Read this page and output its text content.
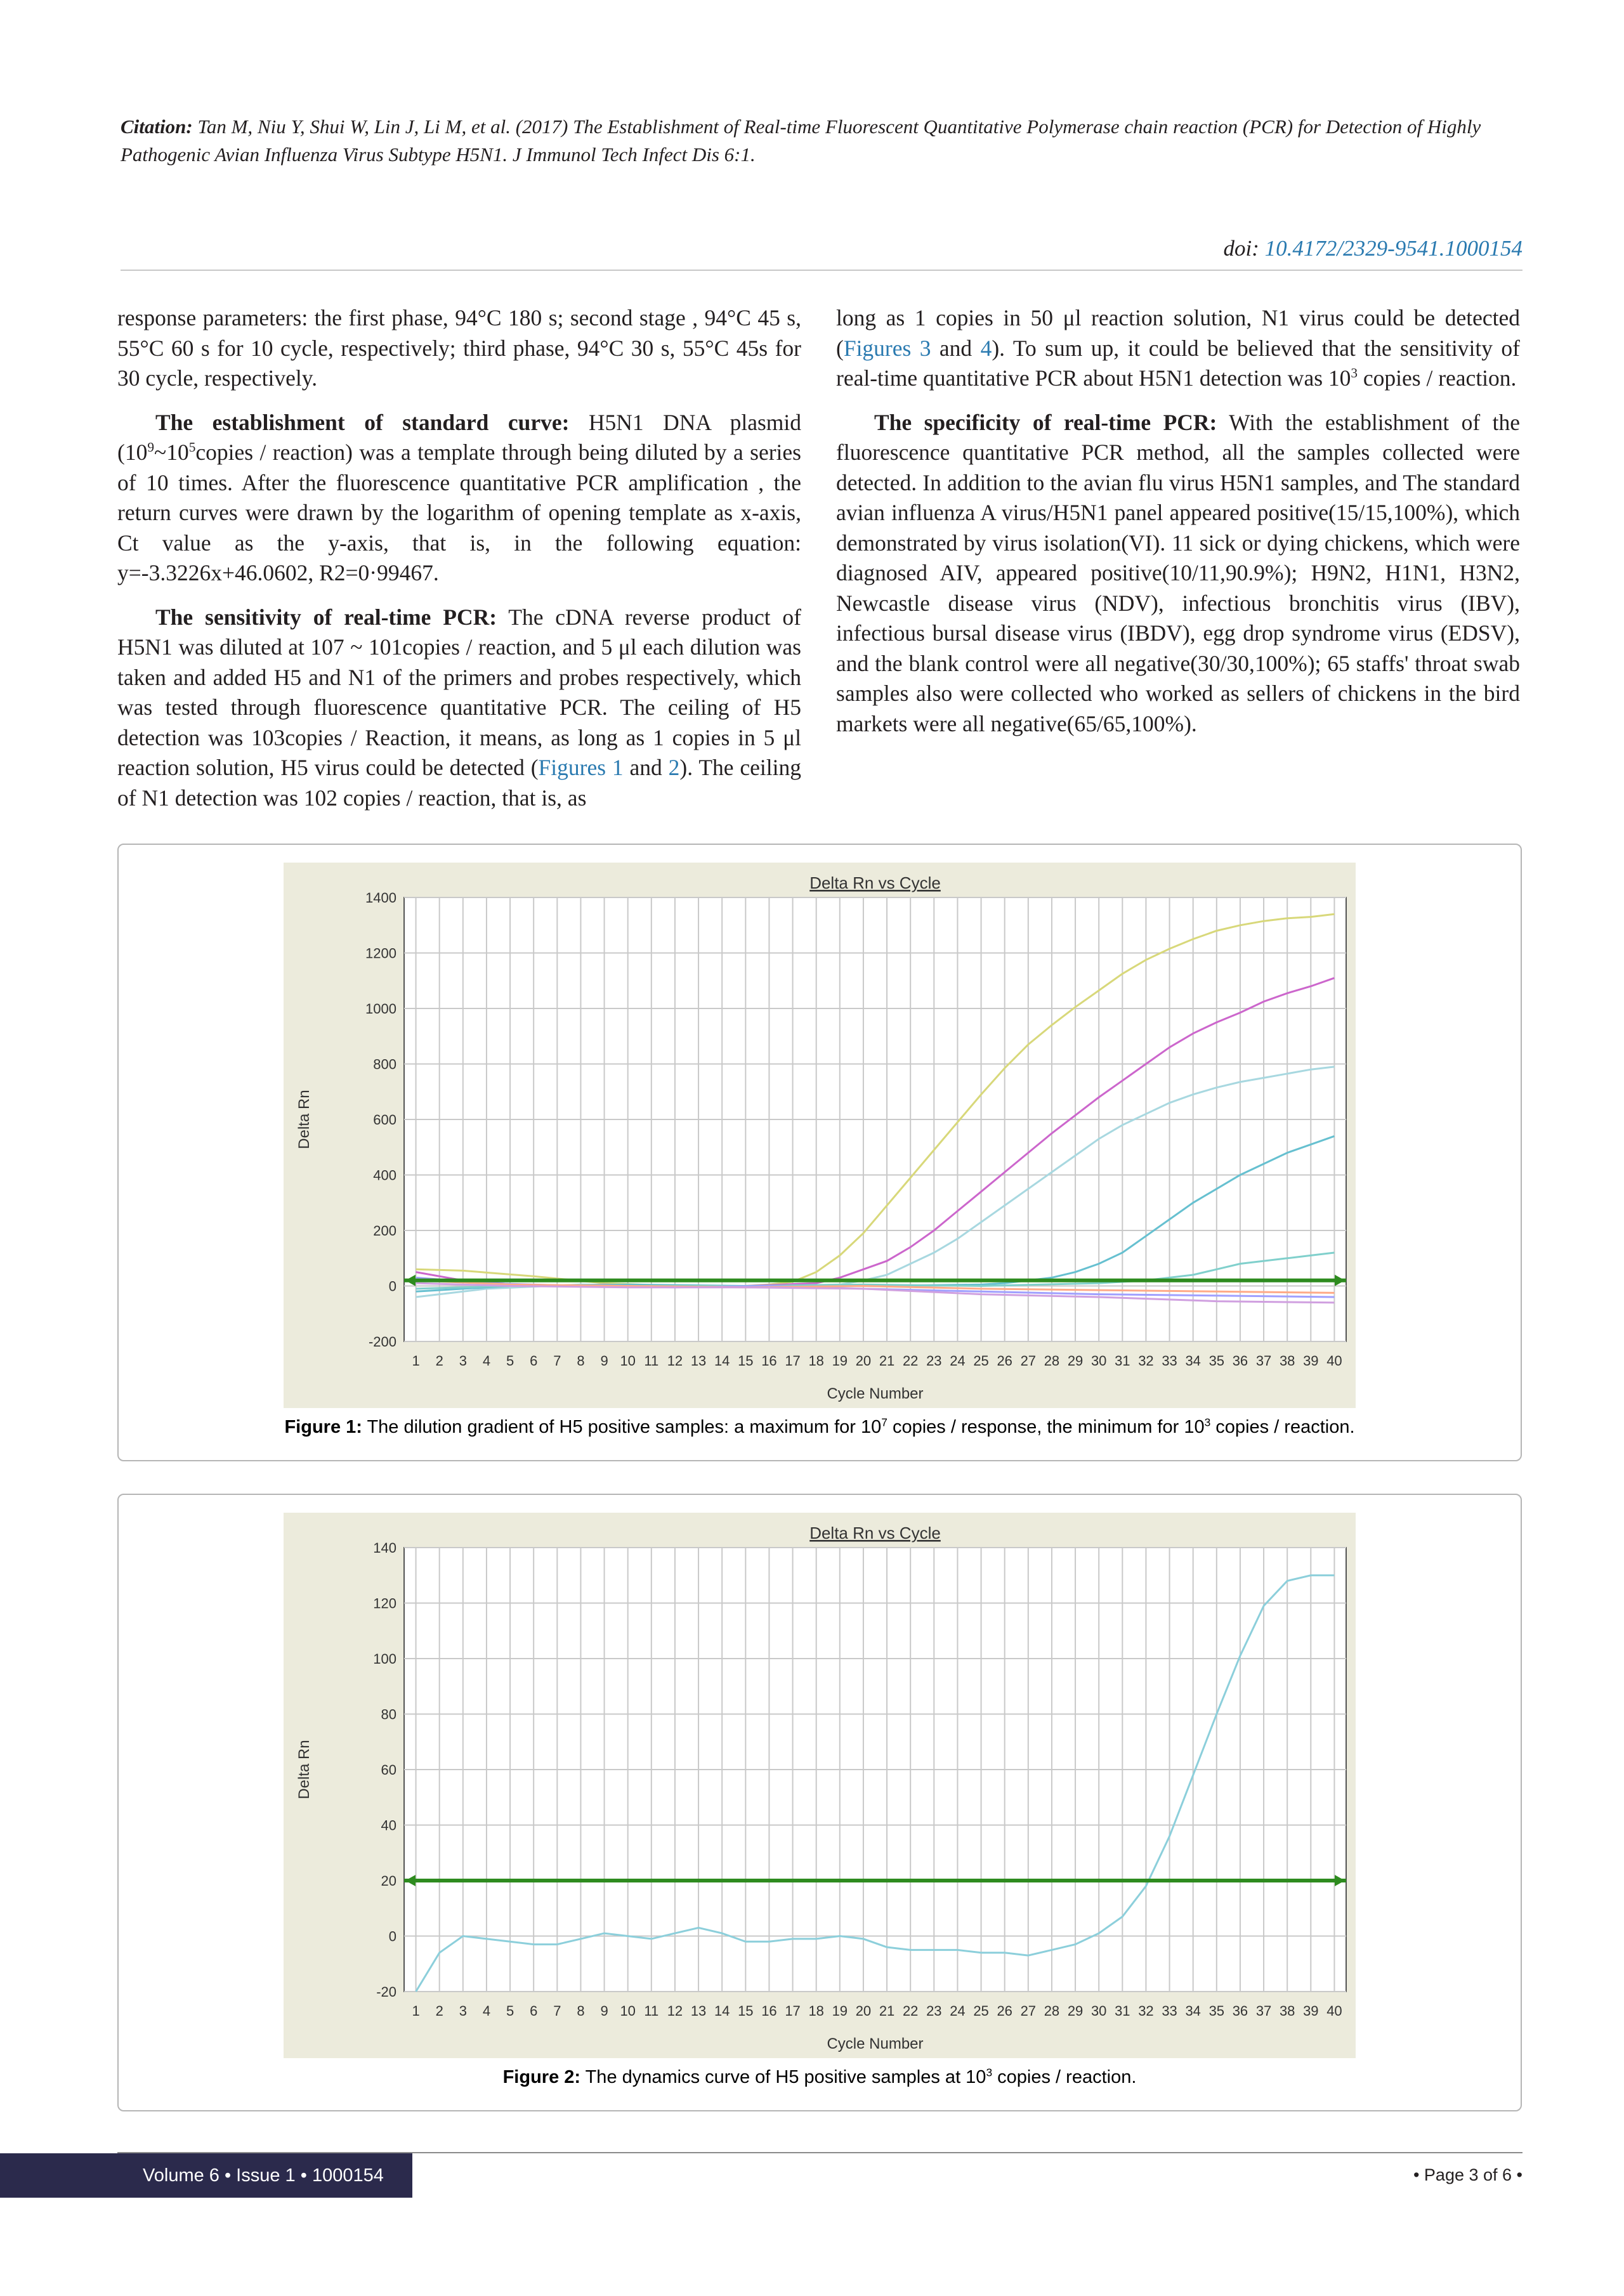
Citation: Tan M, Niu Y, Shui W, Lin J, Li M, et al. (2017) The Establishment of Real-time Fluorescent Quantitative Polymerase chain reaction (PCR) for Detection of Highly Pathogenic Avian Influenza Virus Subtype H5N1. J Immunol Tech Infect Dis 6:1.
doi: 10.4172/2329-9541.1000154

response parameters: the first phase, 94°C 180 s; second stage , 94°C 45 s, 55°C 60 s for 10 cycle, respectively; third phase, 94°C 30 s, 55°C 45s for 30 cycle, respectively.

The establishment of standard curve: H5N1 DNA plasmid ($10^9\sim 10^5copies$ / reaction) was a template through being diluted by a series of 10 times. After the fluorescence quantitative PCR amplification , the return curves were drawn by the logarithm of opening template as x-axis, Ct value as the y-axis, that is, in the following equation: y=-3.3226x+46.0602, R2=0·99467.

The sensitivity of real-time PCR: The cDNA reverse product of H5N1 was diluted at 107 ~ 101copies / reaction, and 5 μl each dilution was taken and added H5 and N1 of the primers and probes respectively, which was tested through fluorescence quantitative PCR. The ceiling of H5 detection was 103copies / Reaction, it means, as long as 1 copies in 5 μl reaction solution, H5 virus could be detected (Figures 1 and 2). The ceiling of N1 detection was 102 copies / reaction, that is, as

long as 1 copies in 50 μl reaction solution, N1 virus could be detected (Figures 3 and 4). To sum up, it could be believed that the sensitivity of real-time quantitative PCR about H5N1 detection was $10^3$ copies / reaction.

The specificity of real-time PCR: With the establishment of the fluorescence quantitative PCR method, all the samples collected were detected. In addition to the avian flu virus H5N1 samples, and The standard avian influenza A virus/H5N1 panel appeared positive(15/15,100%), which demonstrated by virus isolation(VI). 11 sick or dying chickens, which were diagnosed AIV, appeared positive(10/11,90.9%); H9N2, H1N1, H3N2, Newcastle disease virus (NDV), infectious bronchitis virus (IBV), infectious bursal disease virus (IBDV), egg drop syndrome virus (EDSV), and the blank control were all negative(30/30,100%); 65 staffs' throat swab samples also were collected who worked as sellers of chickens in the bird markets were all negative(65/65,100%).

1 2 3 4 5 6 7 8 9 10 11 12 13 14 15 16 17 18 19 20 21 22 23 24 25 26 27 28 29 30 31 32 33 34 35 36 37 38 39 40
1400
1200
1000
800
600
400
200
0
-200
Delta Rn vs Cycle
Cycle Number
Delta Rn
Figure 1: The dilution gradient of H5 positive samples: a maximum for $10^7$ copies / response, the minimum for $10^3$ copies / reaction.
1 2 3 4 5 6 7 8 9 10 11 12 13 14 15 16 17 18 19 20 21 22 23 24 25 26 27 28 29 30 31 32 33 34 35 36 37 38 39 40
140
120
100
80
60
40
20
0
-20
Delta Rn vs Cycle
Cycle Number
Delta Rn
Figure 2: The dynamics curve of H5 positive samples at $10^3$ copies / reaction.
Volume 6 • Issue 1 • 1000154	• Page 3 of 6 •
